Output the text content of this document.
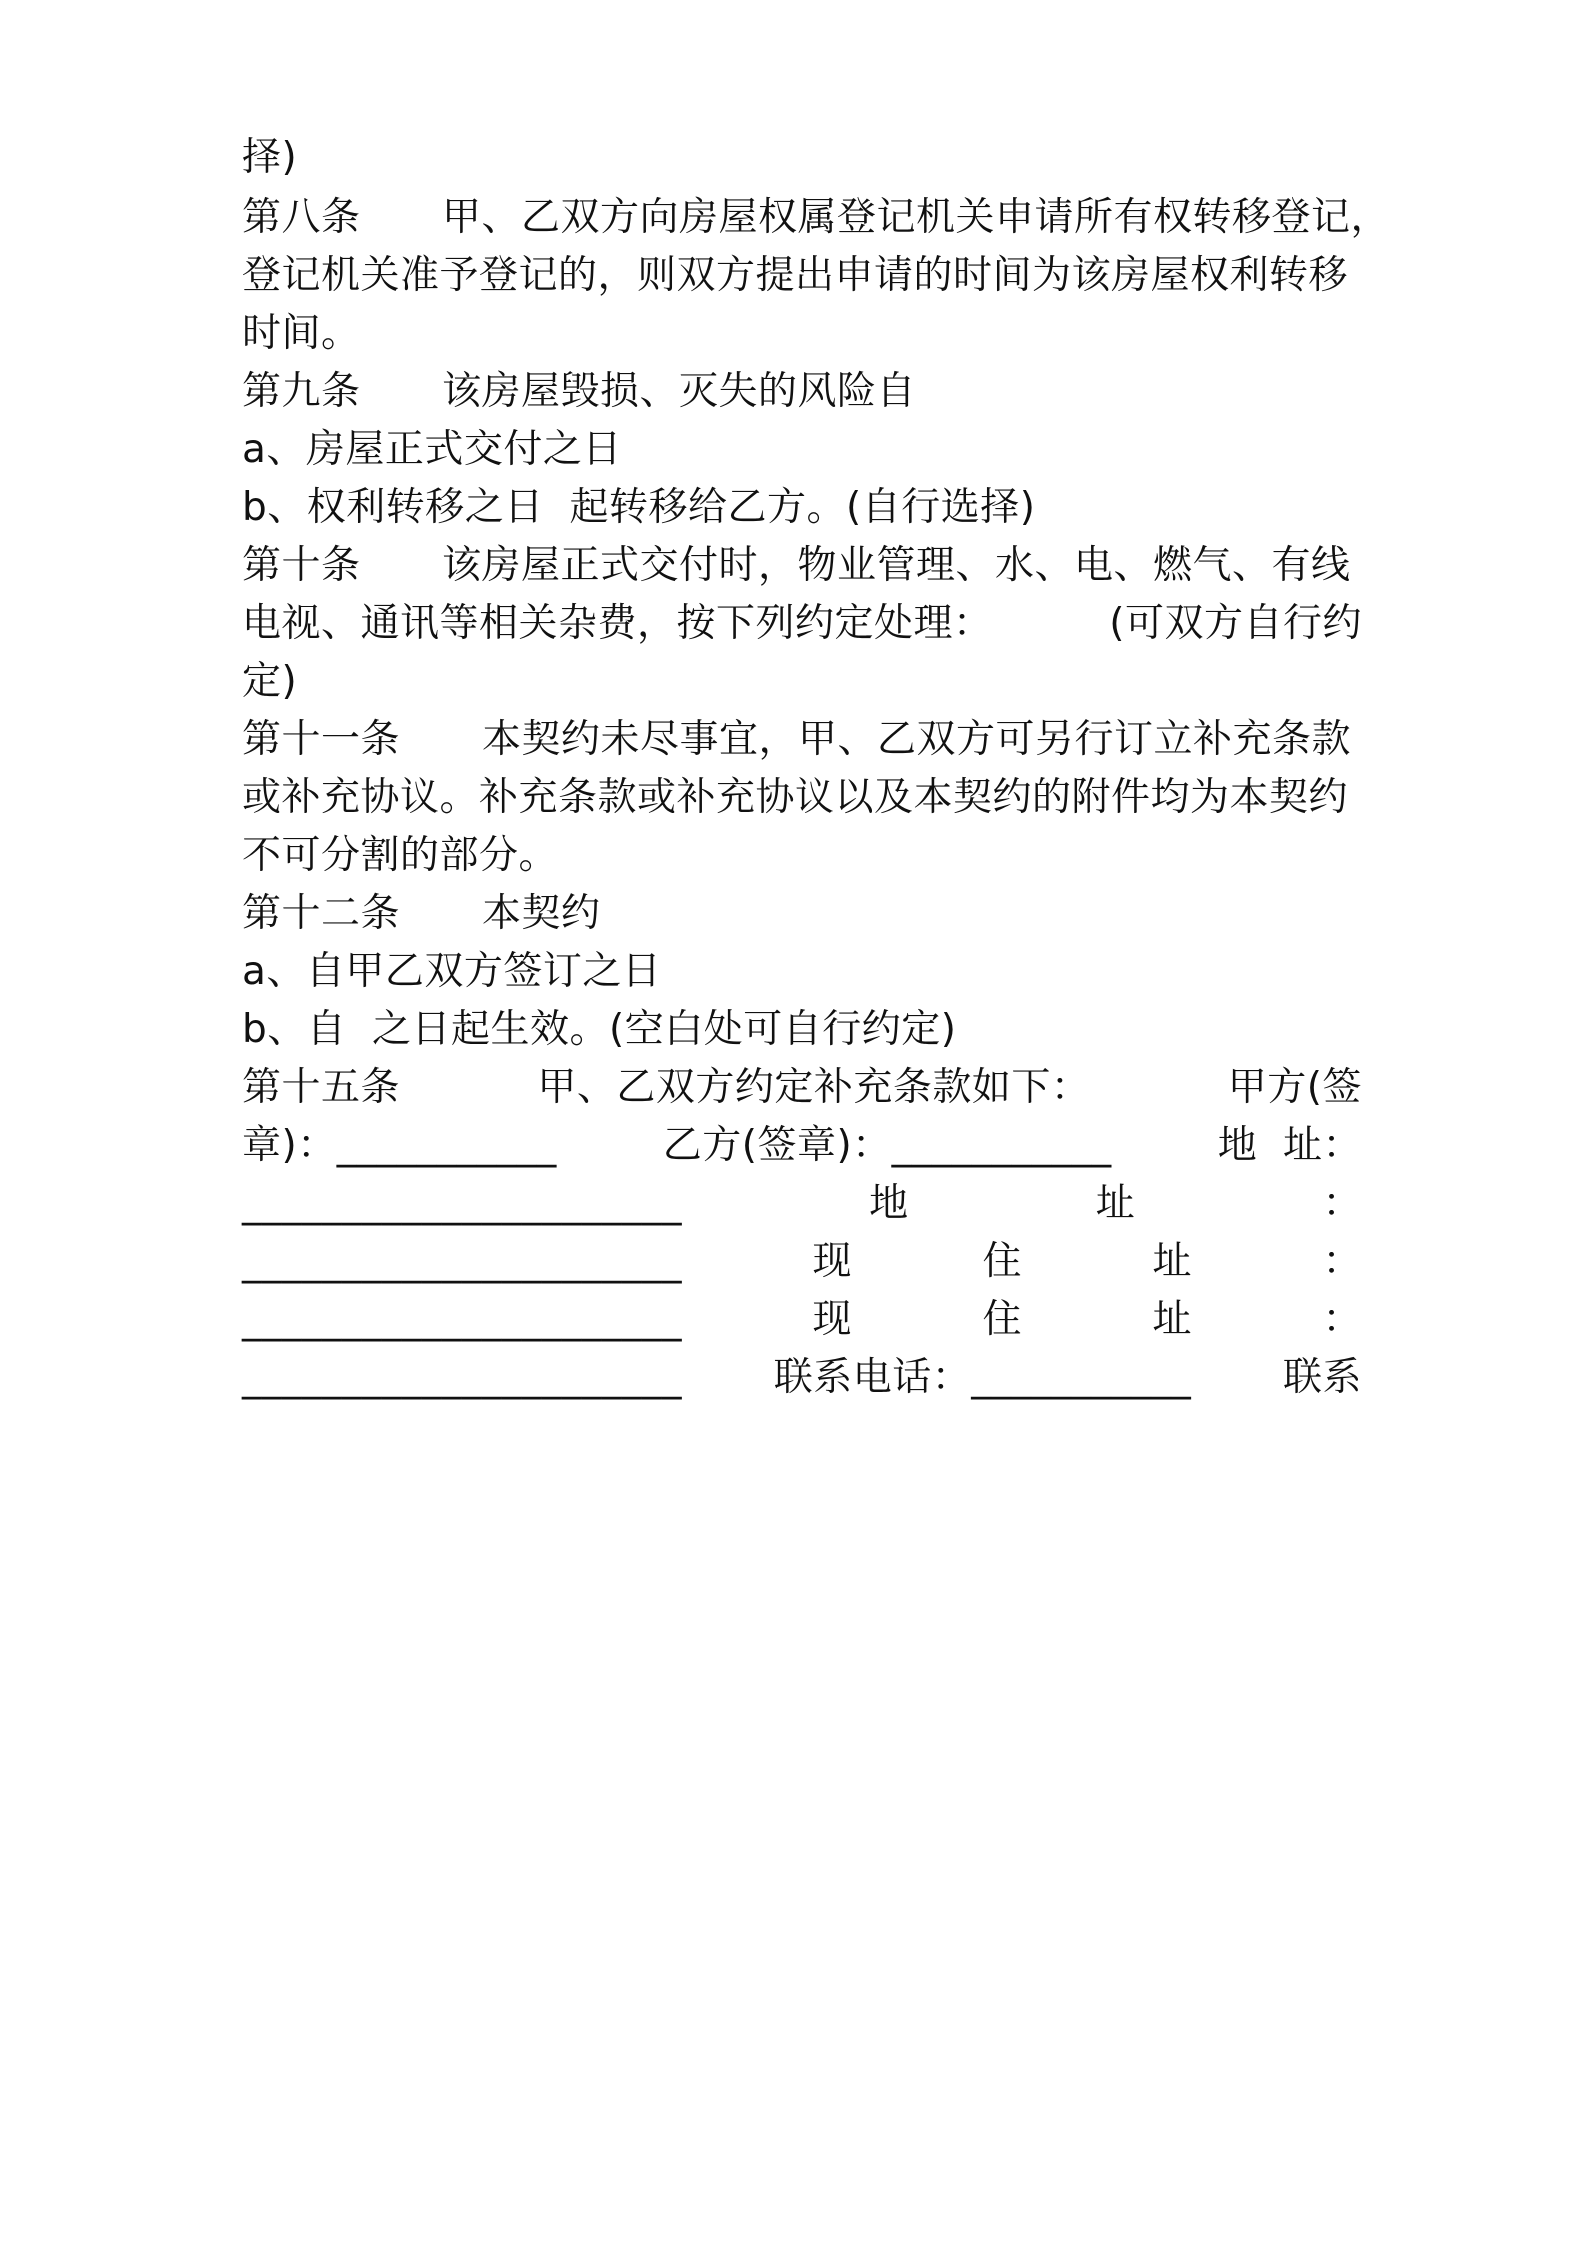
择)
第八条 甲、乙双方向房屋权属登记机关申请所有权转移登记，
登记机关准予登记的，则双方提出申请的时间为该房屋权利转移
时间。
第九条 该房屋毁损、灭失的风险自
a、房屋正式交付之日
b、权利转移之日  起转移给乙方。(自行选择)
第十条 该房屋正式交付时，物业管理、水、电、燃气、有线
电视、通讯等相关杂费，按下列约定处理：	(可双方自行约
定)
第十一条 本契约未尽事宜，甲、乙双方可另行订立补充条款
或补充协议。补充条款或补充协议以及本契约的附件均为本契约
不可分割的部分。
第十二条 本契约
a、自甲乙双方签订之日
b、自  之日起生效。(空白处可自行约定)
第十五条	甲、乙双方约定补充条款如下：	甲方(签
章)：___________	乙方(签章)：___________	地  址：
______________________	地	址	：
______________________	现	住	址	：
______________________	现	住	址	：
______________________ 联系电话：___________ 联系
